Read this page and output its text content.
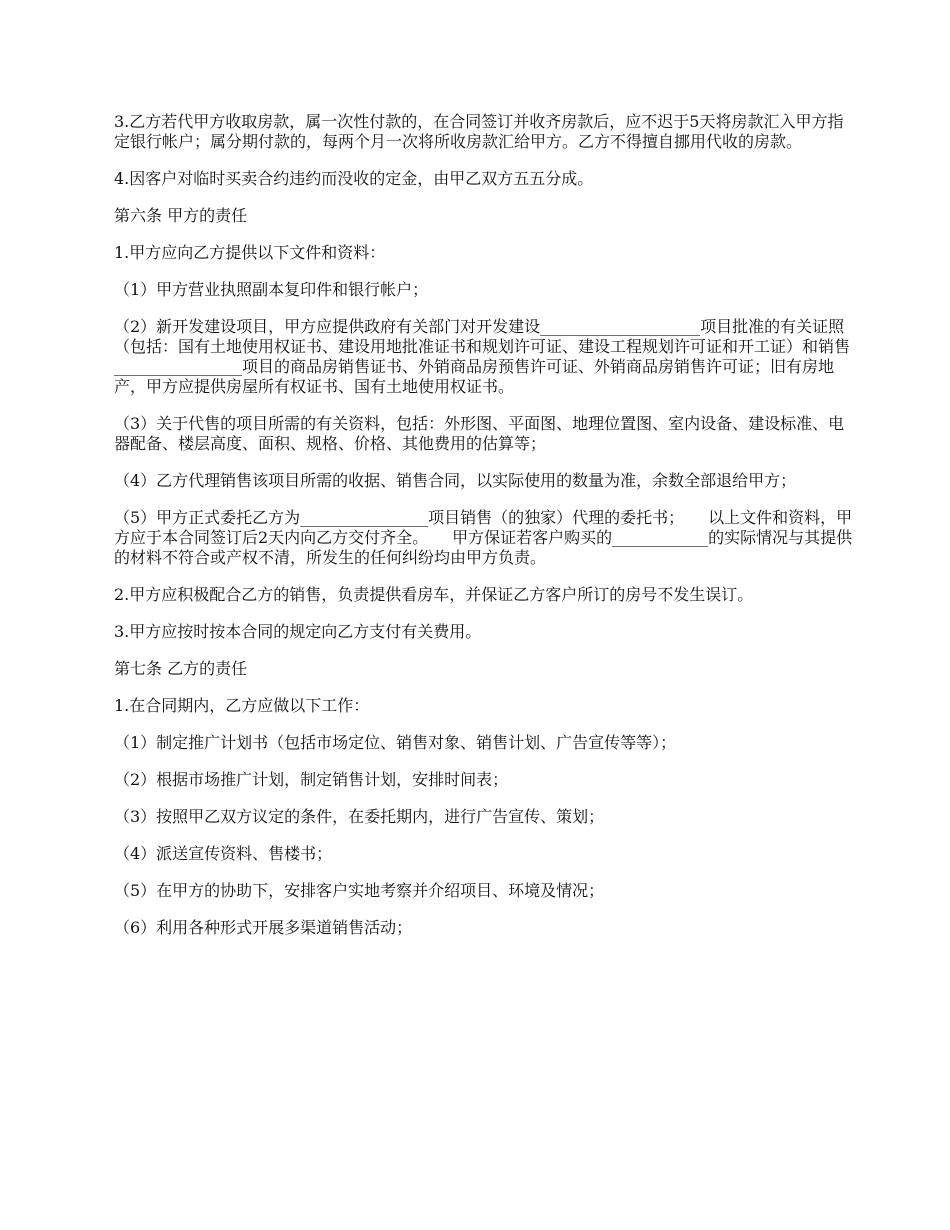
3.乙方若代甲方收取房款，属一次性付款的，在合同签订并收齐房款后，应不迟于5天将房款汇入甲方指定银行帐户；属分期付款的，每两个月一次将所收房款汇给甲方。乙方不得擅自挪用代收的房款。

4.因客户对临时买卖合约违约而没收的定金，由甲乙双方五五分成。

第六条 甲方的责任

1.甲方应向乙方提供以下文件和资料：

（1）甲方营业执照副本复印件和银行帐户；

（2）新开发建设项目，甲方应提供政府有关部门对开发建设____________________项目批准的有关证照（包括：国有土地使用权证书、建设用地批准证书和规划许可证、建设工程规划许可证和开工证）和销售________________项目的商品房销售证书、外销商品房预售许可证、外销商品房销售许可证；旧有房地产，甲方应提供房屋所有权证书、国有土地使用权证书。

（3）关于代售的项目所需的有关资料，包括：外形图、平面图、地理位置图、室内设备、建设标准、电器配备、楼层高度、面积、规格、价格、其他费用的估算等；

（4）乙方代理销售该项目所需的收据、销售合同，以实际使用的数量为准，余数全部退给甲方；

（5）甲方正式委托乙方为________________项目销售（的独家）代理的委托书；　　以上文件和资料，甲方应于本合同签订后2天内向乙方交付齐全。　　甲方保证若客户购买的____________的实际情况与其提供的材料不符合或产权不清，所发生的任何纠纷均由甲方负责。

2.甲方应积极配合乙方的销售，负责提供看房车，并保证乙方客户所订的房号不发生误订。

3.甲方应按时按本合同的规定向乙方支付有关费用。

第七条 乙方的责任

1.在合同期内，乙方应做以下工作：

（1）制定推广计划书（包括市场定位、销售对象、销售计划、广告宣传等等）；

（2）根据市场推广计划，制定销售计划，安排时间表；

（3）按照甲乙双方议定的条件，在委托期内，进行广告宣传、策划；

（4）派送宣传资料、售楼书；

（5）在甲方的协助下，安排客户实地考察并介绍项目、环境及情况；

（6）利用各种形式开展多渠道销售活动；
